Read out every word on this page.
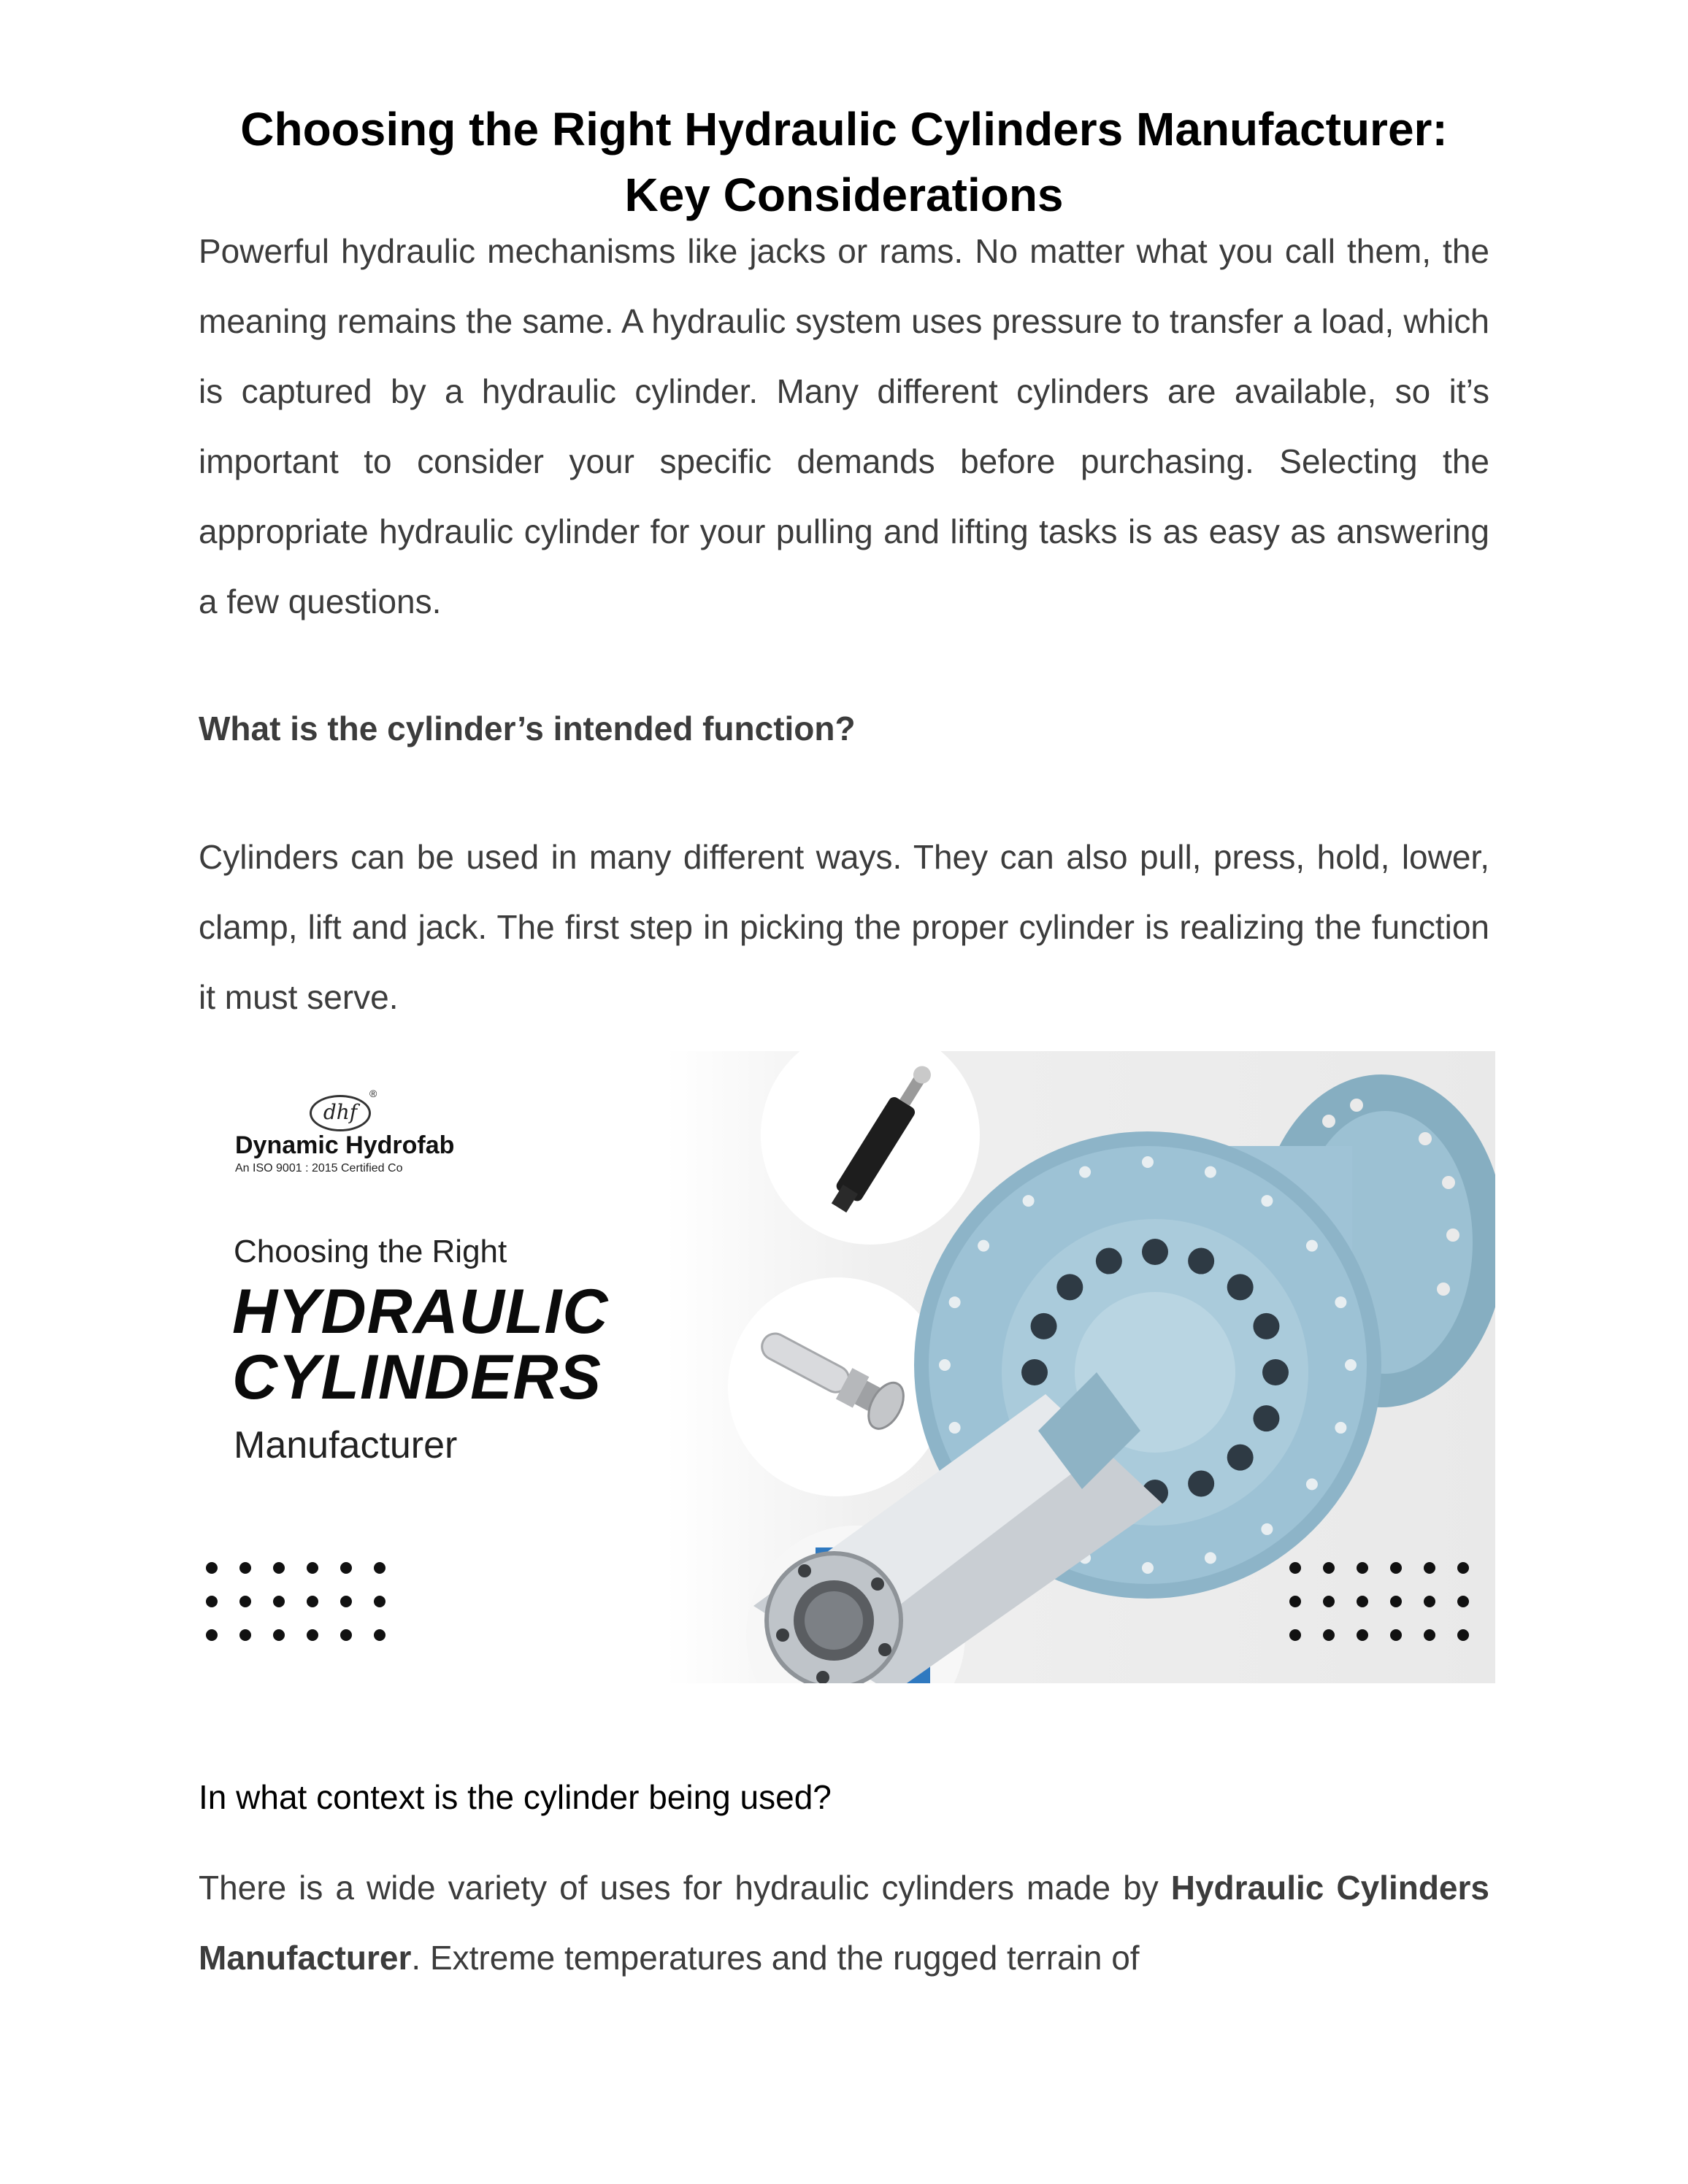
Choosing the Right Hydraulic Cylinders Manufacturer:
Key Considerations

Powerful hydraulic mechanisms like jacks or rams. No matter what you call them, the meaning remains the same. A hydraulic system uses pressure to transfer a load, which is captured by a hydraulic cylinder. Many different cylinders are available, so it’s important to consider your specific demands before purchasing. Selecting the appropriate hydraulic cylinder for your pulling and lifting tasks is as easy as answering a few questions.

What is the cylinder’s intended function?

Cylinders can be used in many different ways. They can also pull, press, hold, lower, clamp, lift and jack. The first step in picking the proper cylinder is realizing the function it must serve.

dhf
®
Dynamic Hydrofab
An ISO 9001 : 2015 Certified Co
Choosing the Right
HYDRAULIC
CYLINDERS
Manufacturer
In what context is the cylinder being used?

There is a wide variety of uses for hydraulic cylinders made by Hydraulic Cylinders Manufacturer. Extreme temperatures and the rugged terrain of
